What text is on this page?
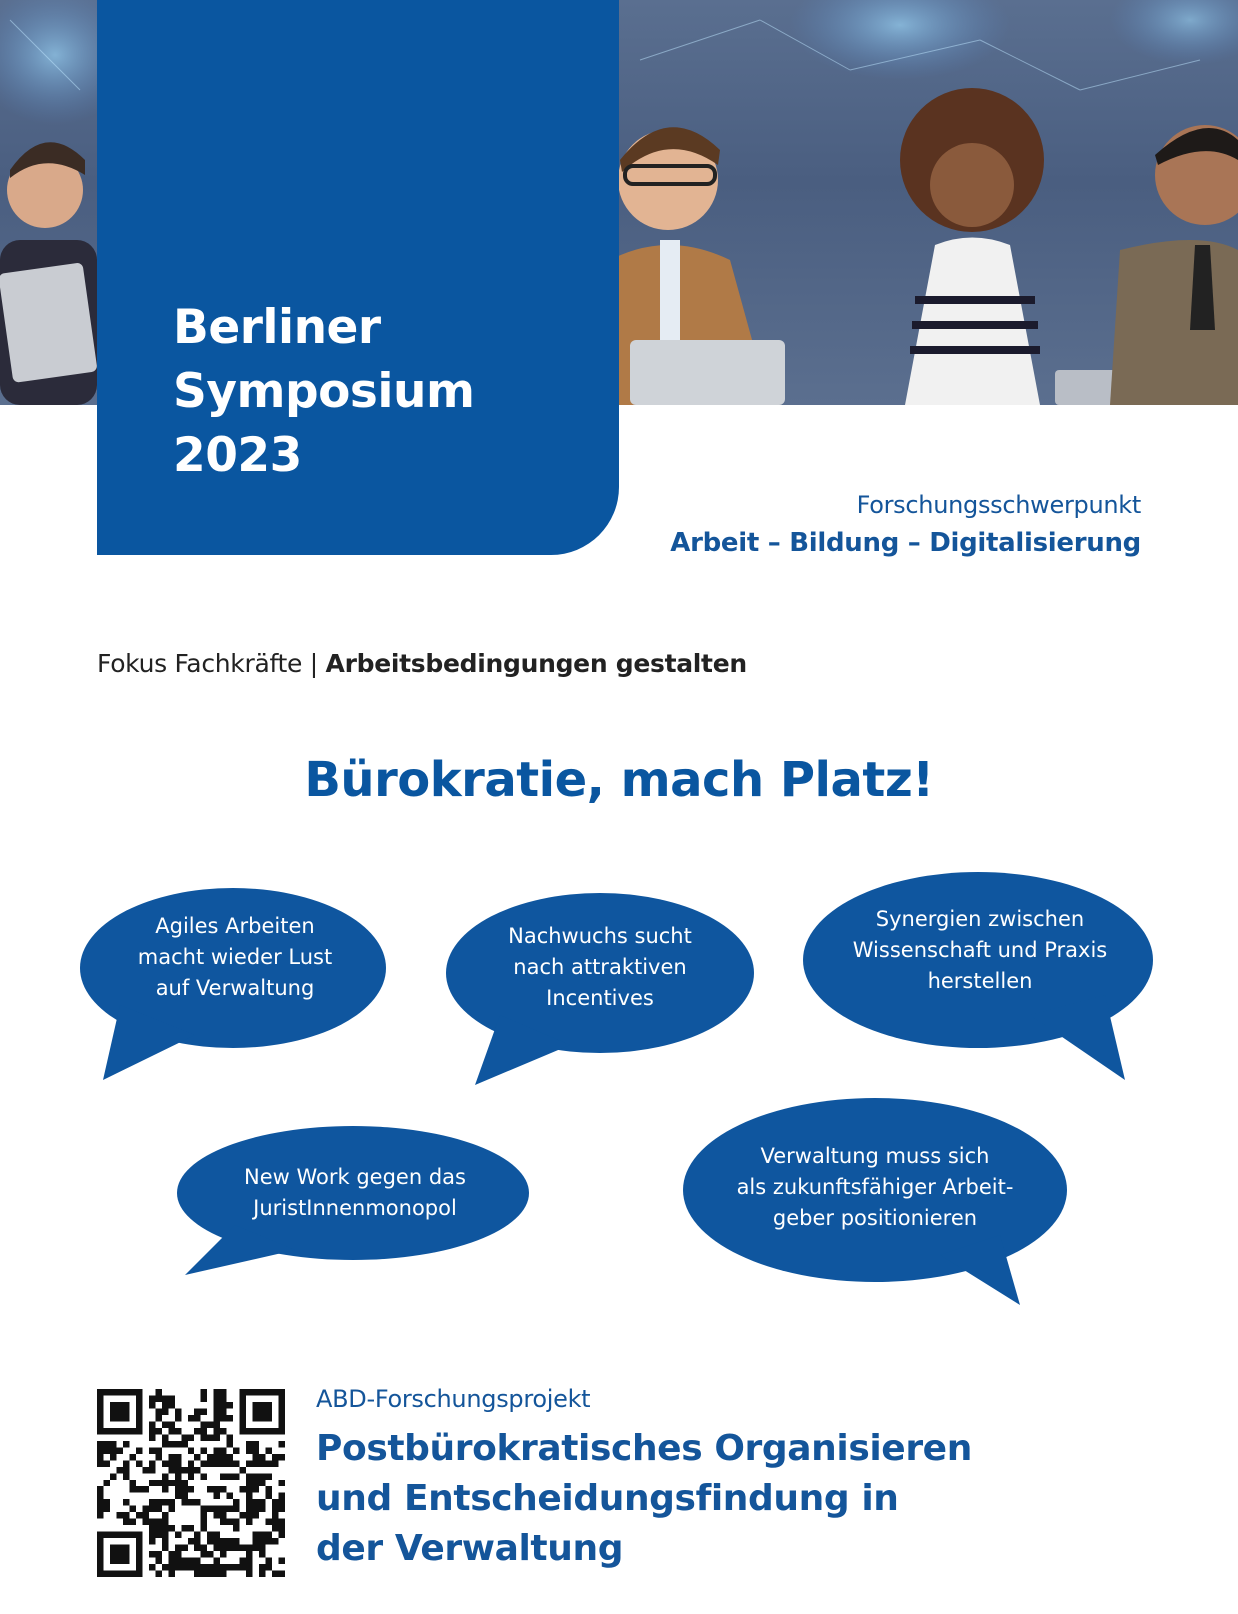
Berliner
Symposium
2023
Forschungsschwerpunkt
Arbeit – Bildung – Digitalisierung
Fokus Fachkräfte | Arbeitsbedingungen gestalten
Bürokratie, mach Platz!
Agiles Arbeiten
macht wieder Lust
auf Verwaltung
Nachwuchs sucht
nach attraktiven
Incentives
Synergien zwischen
Wissenschaft und Praxis
herstellen
New Work gegen das
JuristInnenmonopol
Verwaltung muss sich
als zukunftsfähiger Arbeit-
geber positionieren
ABD-Forschungsprojekt
Postbürokratisches Organisieren
und Entscheidungsfindung in
der Verwaltung
